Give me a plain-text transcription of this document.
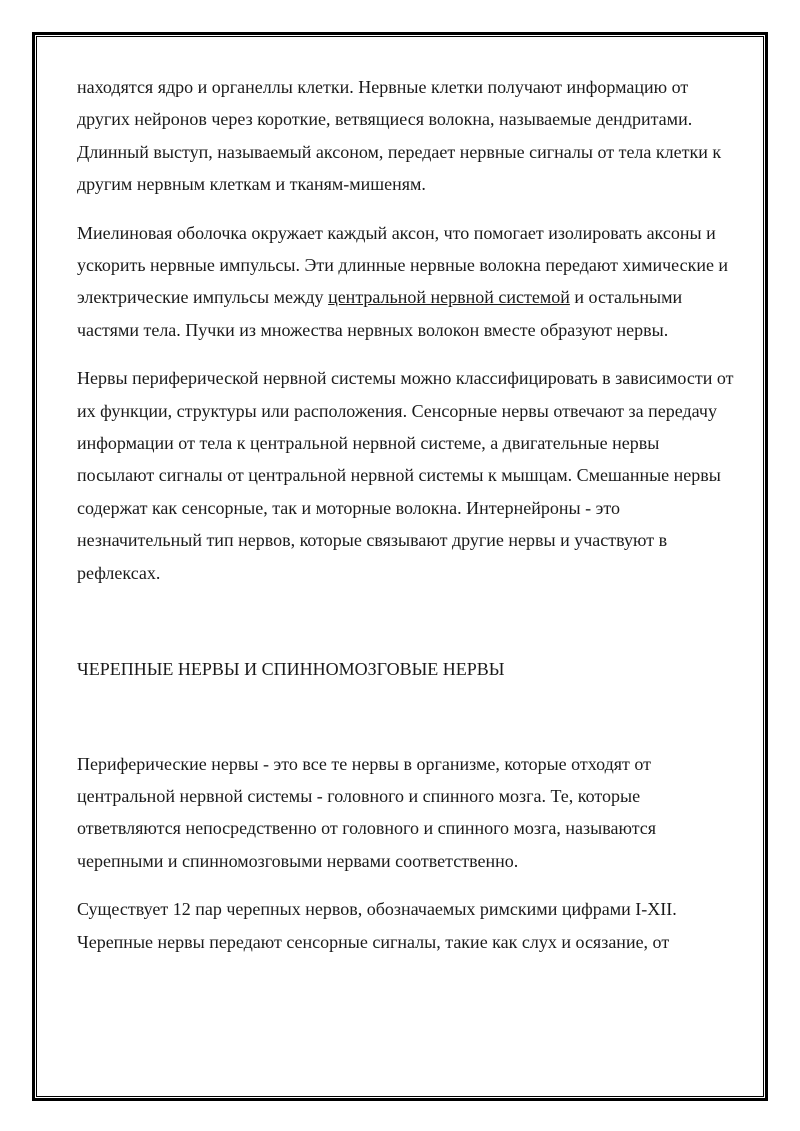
находятся ядро и органеллы клетки. Нервные клетки получают информацию от других нейронов через короткие, ветвящиеся волокна, называемые дендритами. Длинный выступ, называемый аксоном, передает нервные сигналы от тела клетки к другим нервным клеткам и тканям-мишеням.

Миелиновая оболочка окружает каждый аксон, что помогает изолировать аксоны и ускорить нервные импульсы. Эти длинные нервные волокна передают химические и электрические импульсы между центральной нервной системой и остальными частями тела. Пучки из множества нервных волокон вместе образуют нервы.

Нервы периферической нервной системы можно классифицировать в зависимости от их функции, структуры или расположения. Сенсорные нервы отвечают за передачу информации от тела к центральной нервной системе, а двигательные нервы посылают сигналы от центральной нервной системы к мышцам. Смешанные нервы содержат как сенсорные, так и моторные волокна. Интернейроны - это незначительный тип нервов, которые связывают другие нервы и участвуют в рефлексах.

ЧЕРЕПНЫЕ НЕРВЫ И СПИННОМОЗГОВЫЕ НЕРВЫ

Периферические нервы - это все те нервы в организме, которые отходят от центральной нервной системы - головного и спинного мозга. Те, которые ответвляются непосредственно от головного и спинного мозга, называются черепными и спинномозговыми нервами соответственно.

Существует 12 пар черепных нервов, обозначаемых римскими цифрами I-XII. Черепные нервы передают сенсорные сигналы, такие как слух и осязание, от
